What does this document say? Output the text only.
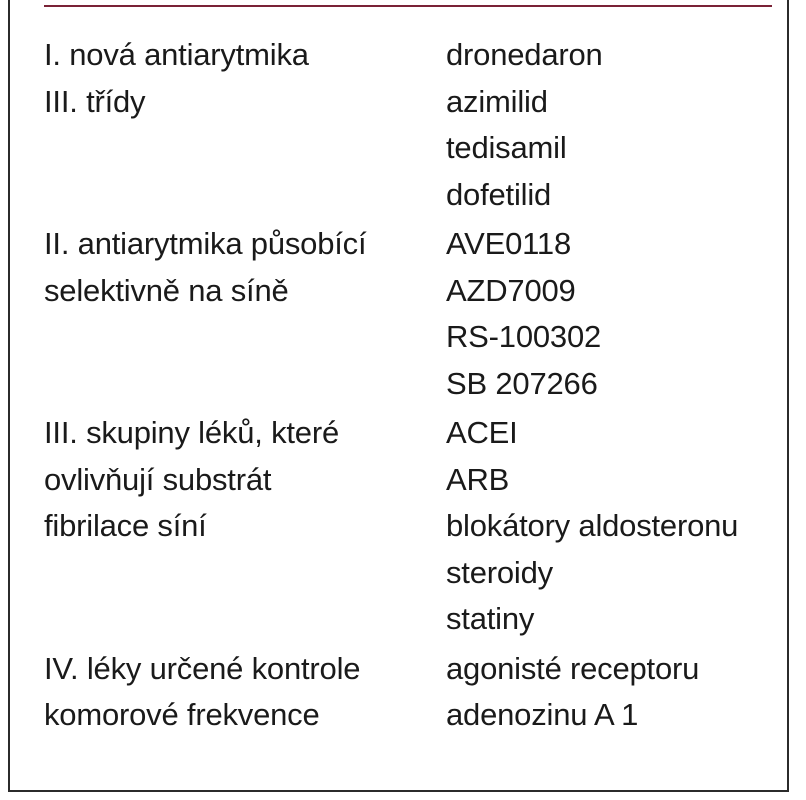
I. nová antiarytmika
III. třídy
dronedaron
azimilid
tedisamil
dofetilid
II. antiarytmika působící
selektivně na síně
AVE0118
AZD7009
RS-100302
SB 207266
III. skupiny léků, které
ovlivňují substrát
fibrilace síní
ACEI
ARB
blokátory aldosteronu
steroidy
statiny
IV. léky určené kontrole
komorové frekvence
agonisté receptoru
adenozinu A 1
